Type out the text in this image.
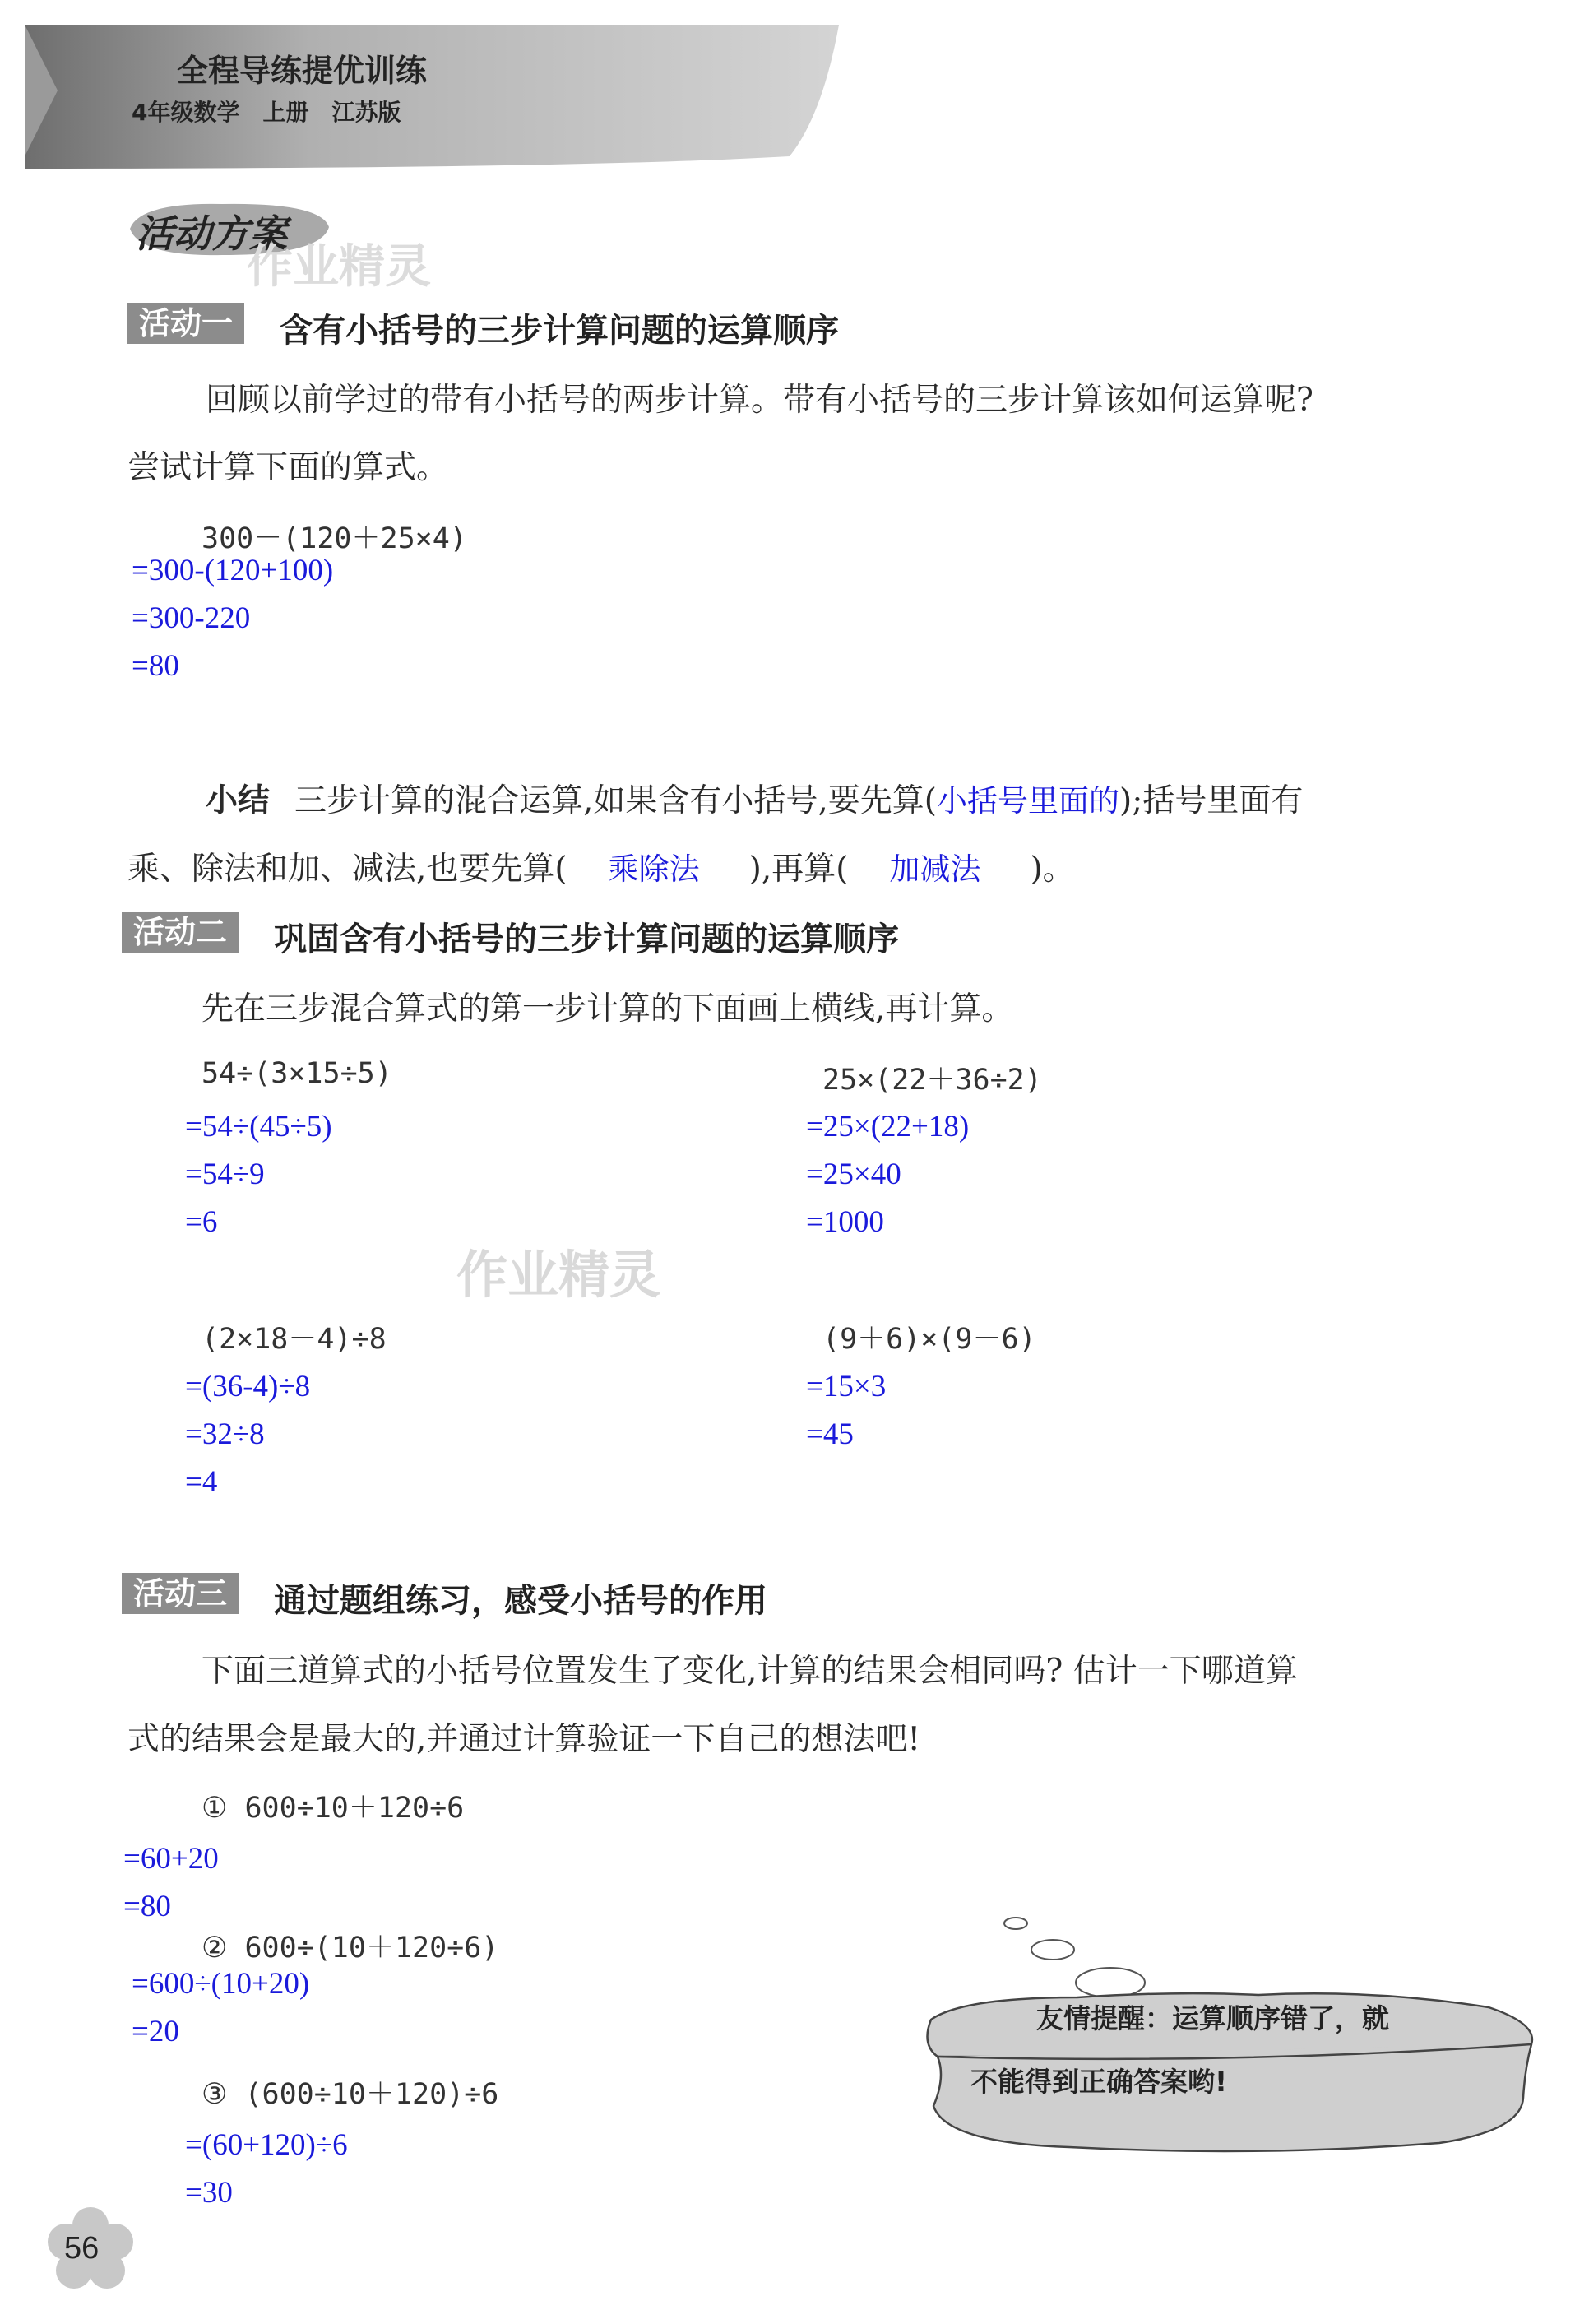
全程导练提优训练
4年级数学　上册　江苏版
活动方案
作业精灵
活动一	含有小括号的三步计算问题的运算顺序
回顾以前学过的带有小括号的两步计算。带有小括号的三步计算该如何运算呢?
尝试计算下面的算式。
300－(120＋25×4)
=300-(120+100)
=300-220
=80
小结 三步计算的混合运算,如果含有小括号,要先算(小括号里面的);括号里面有
乘、除法和加、减法,也要先算( 乘除法 ),再算( 加减法 )。
活动二	巩固含有小括号的三步计算问题的运算顺序
先在三步混合算式的第一步计算的下面画上横线,再计算。
54÷(3×15÷5)
=54÷(45÷5)
=54÷9
=6
25×(22＋36÷2)
=25×(22+18)
=25×40
=1000
作业精灵
(2×18－4)÷8
=(36-4)÷8
=32÷8
=4
(9＋6)×(9－6)
=15×3
=45
活动三	通过题组练习，感受小括号的作用
下面三道算式的小括号位置发生了变化,计算的结果会相同吗? 估计一下哪道算
式的结果会是最大的,并通过计算验证一下自己的想法吧!
① 600÷10＋120÷6
=60+20
=80
② 600÷(10＋120÷6)
=600÷(10+20)
=20
③ (600÷10＋120)÷6
=(60+120)÷6
=30
友情提醒：运算顺序错了，就
不能得到正确答案哟!
56
